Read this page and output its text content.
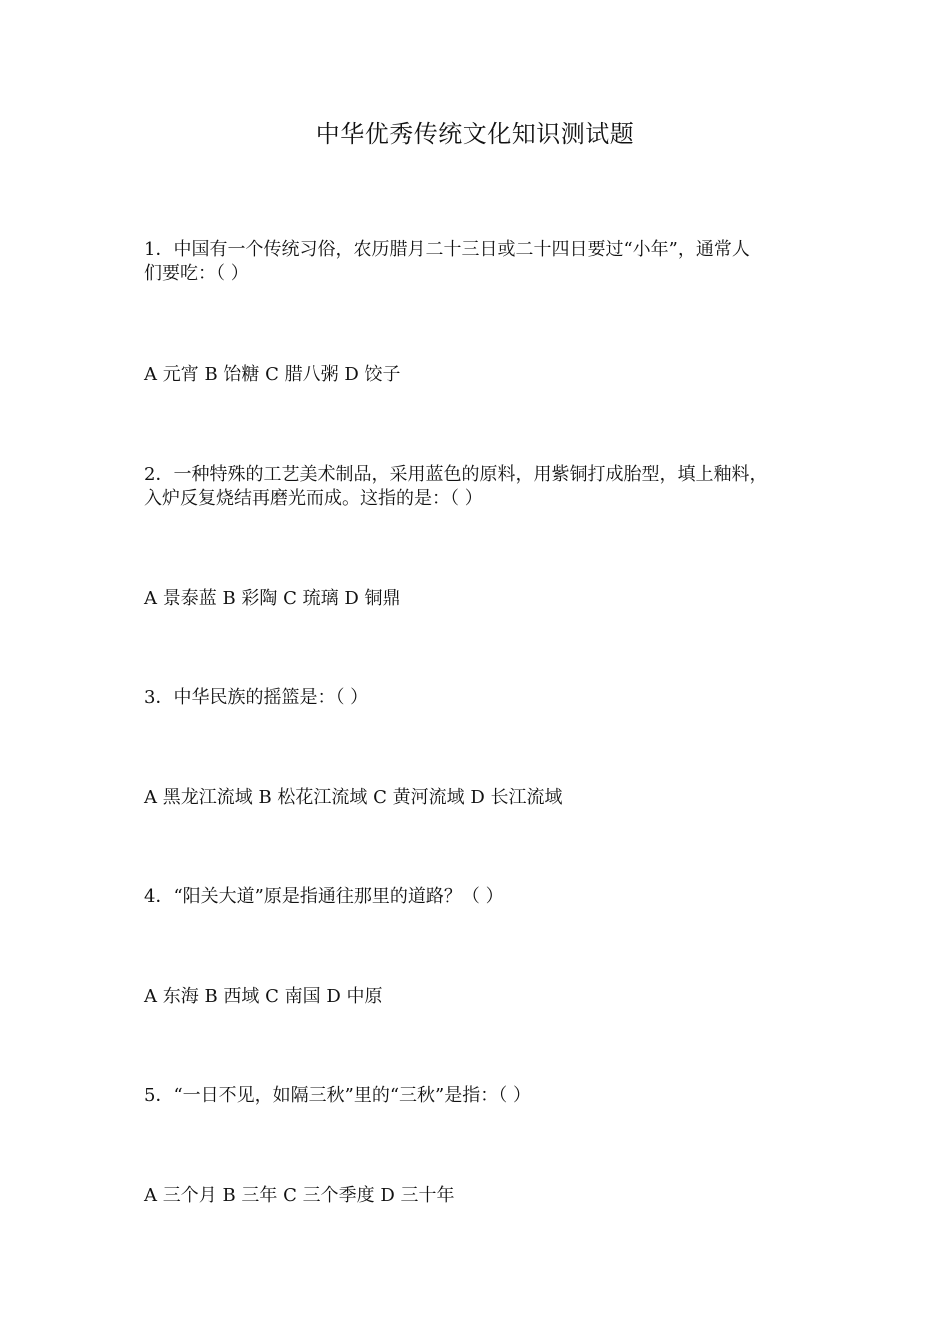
中华优秀传统文化知识测试题
1．中国有一个传统习俗，农历腊月二十三日或二十四日要过“小年”，通常人
们要吃：（ ）
A 元宵 B 饴糖 C 腊八粥 D 饺子
2．一种特殊的工艺美术制品，采用蓝色的原料，用紫铜打成胎型，填上釉料，
入炉反复烧结再磨光而成。这指的是：（ ）
A 景泰蓝 B 彩陶 C 琉璃 D 铜鼎
3．中华民族的摇篮是：（ ）
A 黑龙江流域 B 松花江流域 C 黄河流域 D 长江流域
4．“阳关大道”原是指通往那里的道路？（ ）
A 东海 B 西域 C 南国 D 中原
5．“一日不见，如隔三秋”里的“三秋”是指：（ ）
A 三个月 B 三年 C 三个季度 D 三十年
